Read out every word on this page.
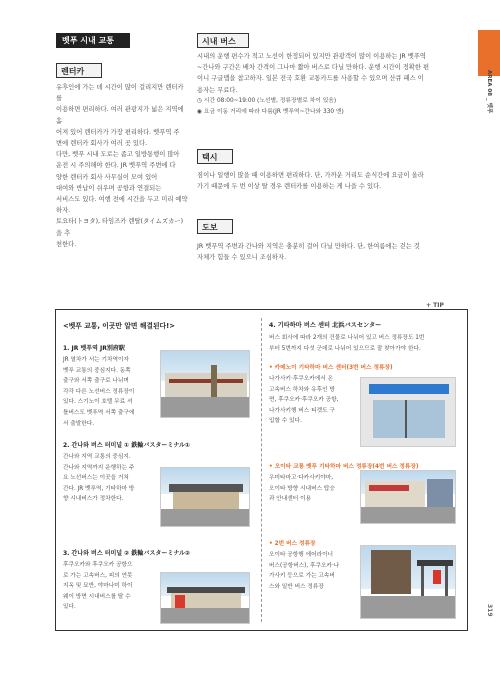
벳푸 시내 교통
AREA 08 _ 벳푸
319
렌터카
유후인에 가는 데 시간이 많이 걸리지만 렌터카를
이용하면 편리하다. 여러 관광지가 넓은 지역에 흩
어져 있어 렌터카가 가장 편리하다. 벳푸역 주
변에 렌터카 회사가 여러 곳 있다.
다만, 벳푸 시내 도로는 좁고 일방통행이 많아
운전 시 주의해야 한다. JR 벳푸역 주변에 다
양한 렌터카 회사 사무실이 모여 있어
대여와 반납이 쉬우며 공항과 연결되는
서비스도 있다. 여행 전에 시간을 두고 미리 예약하자.
토요타(トヨタ), 타임즈카 렌탈(タイムズカー)을 추
천한다.
시내 버스
시내의 운행 편수가 적고 노선이 한정되어 있지만 관광객이 많이 이용하는 JR 벳푸역
~간나와 구간은 배차 간격이 그나마 짧아 버스로 다닐 만하다. 운행 시간이 정확한 편
이니 구글맵을 참고하자. 일본 전국 호환 교통카드를 사용할 수 있으며 산큐 패스 이
용자는 무료다.
◷ 시간 08:00~19:00 (노선별, 정류장별로 차이 있음)
◉ 요금 이동 거리에 따라 다름(JR 벳푸역~간나와 330 엔)
택시
짐이나 일행이 많을 때 이용하면 편리하다. 단, 가까운 거리도 순식간에 요금이 올라
가기 때문에 두 번 이상 탈 경우 렌터카를 이용하는 게 나을 수 있다.
도보
JR 벳푸역 주변과 간나와 지역은 충분히 걸어 다닐 만하다. 단, 한여름에는 걷는 것
자체가 힘들 수 있으니 조심하자.
+ TIP
<벳푸 교통, 이곳만 알면 해결된다!>
1. JR 벳푸역 JR別府駅
JR 열차가 서는 기차역이자
벳푸 교통의 중심지다. 동쪽
출구와 서쪽 출구로 나뉘며
각각 다른 노선버스 정류장이
있다. 스기노이 호텔 무료 셔
틀버스도 벳푸역 서쪽 출구에
서 출발한다.
2. 간나와 버스 터미널 ① 鉄輪バスターミナル①
간나와 지역 교통의 중심지.
간나와 지역까지 운행하는 주
요 노선버스는 이곳을 거쳐
간다. JR 벳푸역, 기타하마 방
향 시내버스가 정차한다.
3. 간나와 버스 터미널 ② 鉄輪バスターミナル②
후쿠오카와 후쿠오카 공항으
로 가는 고속버스, 피의 연못
지옥 및 묘반, 야마나미 하이
웨이 방면 시내버스를 탈 수
있다.
4. 기타하마 버스 센터 北浜バスセンター
버스 회사에 따라 2개의 건물로 나뉘어 있고 버스 정류장도 1번
부터 5번까지 다섯 군데로 나뉘어 있으므로 잘 찾아가야 한다.
• 카메노이 기타하마 버스 센터(3번 버스 정류장)
나가사키·후쿠오카에서 온
고속버스 하차와 유후인 방
면, 후쿠오카·후쿠오카 공항,
나가사키행 버스 티켓도 구
입할 수 있다.
• 오이타 교통 벳푸 기타하마 버스 정류장(4번 버스 정류장)
우미타마고·다카사키야마,
오이타 방향 시내버스 탑승
과 안내센터 이용
• 2번 버스 정류장
오이타 공항행 에어라이너
버스(공항버스), 후쿠오카·나
가사키 등으로 가는 고속버
스와 일반 버스 정류장
